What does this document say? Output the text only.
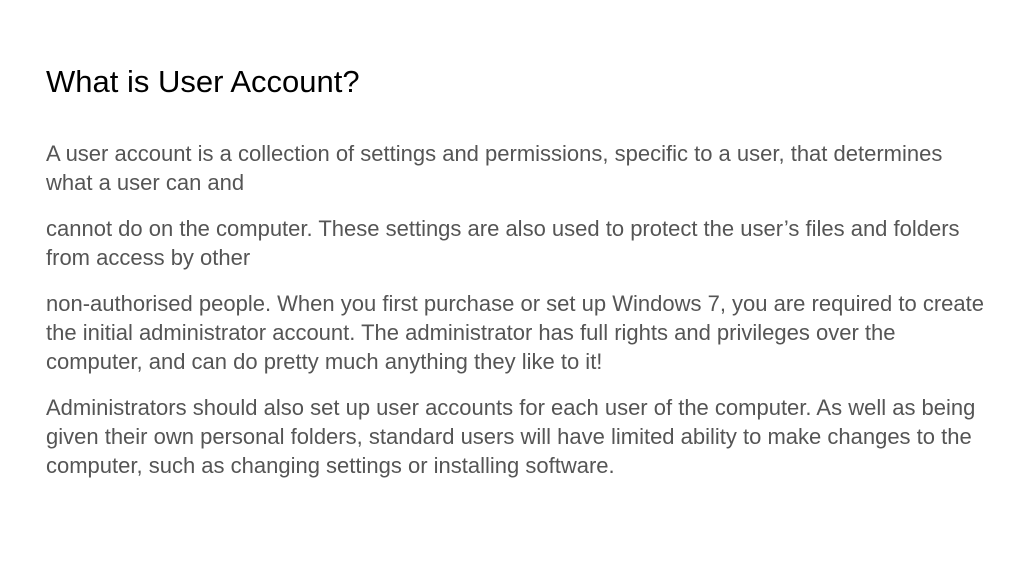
What is User Account?

A user account is a collection of settings and permissions, specific to a user, that determines what a user can and

cannot do on the computer. These settings are also used to protect the user’s files and folders from access by other

non-authorised people. When you first purchase or set up Windows 7, you are required to create the initial administrator account. The administrator has full rights and privileges over the computer, and can do pretty much anything they like to it!

Administrators should also set up user accounts for each user of the computer. As well as being given their own personal folders, standard users will have limited ability to make changes to the computer, such as changing settings or installing software.
